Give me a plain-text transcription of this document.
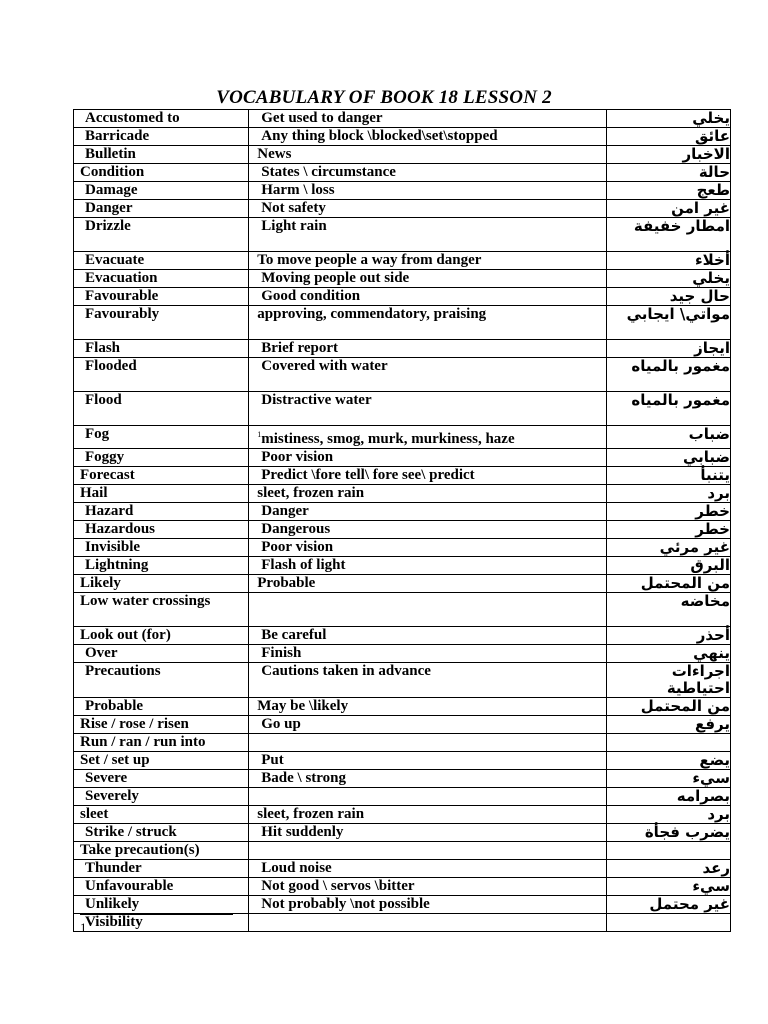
VOCABULARY OF BOOK 18 LESSON 2
Accustomed to	Get used to danger	يخلي

Barricade	Any thing block \blocked\set\stopped	عائق

Bulletin	News	الاخبار

Condition	States \ circumstance	حالة

Damage	Harm \ loss	طعج

Danger	Not safety	غير امن

Drizzle	Light rain	امطار خفيفة

Evacuate	To move people a way from danger	أخلاء

Evacuation	Moving people out side	يخلي

Favourable	Good condition	حال جيد

Favourably	approving, commendatory, praising	مواتي\ ايجابي

Flash	Brief report	ايجاز

Flooded	Covered with water	مغمور بالمياه

Flood	Distractive water	مغمور بالمياه

Fog	$^1$mistiness, smog, murk, murkiness, haze	ضباب

Foggy	Poor vision	ضبابي

Forecast	Predict \fore tell\ fore see\ predict	يتنبأ

Hail	sleet, frozen rain	برد

Hazard	Danger	خطر

Hazardous	Dangerous	خطر

Invisible	Poor vision	غير مرئي

Lightning	Flash of light	البرق

Likely	Probable	من المحتمل

Low water crossings		مخاضه

Look out (for)	Be careful	أحذر

Over	Finish	ينهي

Precautions	Cautions taken in advance	اجراءات احتياطية

Probable	May be \likely	من المحتمل

Rise / rose / risen	Go up	يرفع

Run / ran / run into		

Set / set up	Put	يضع

Severe	Bade \ strong	سيء

Severely		بصرامه

sleet	sleet, frozen rain	برد

Strike / struck	Hit suddenly	يضرب فجأة

Take precaution(s)		

Thunder	Loud noise	رعد

Unfavourable	Not good \ servos \bitter	سيء

Unlikely	Not probably \not possible	غير محتمل

Visibility		
1
